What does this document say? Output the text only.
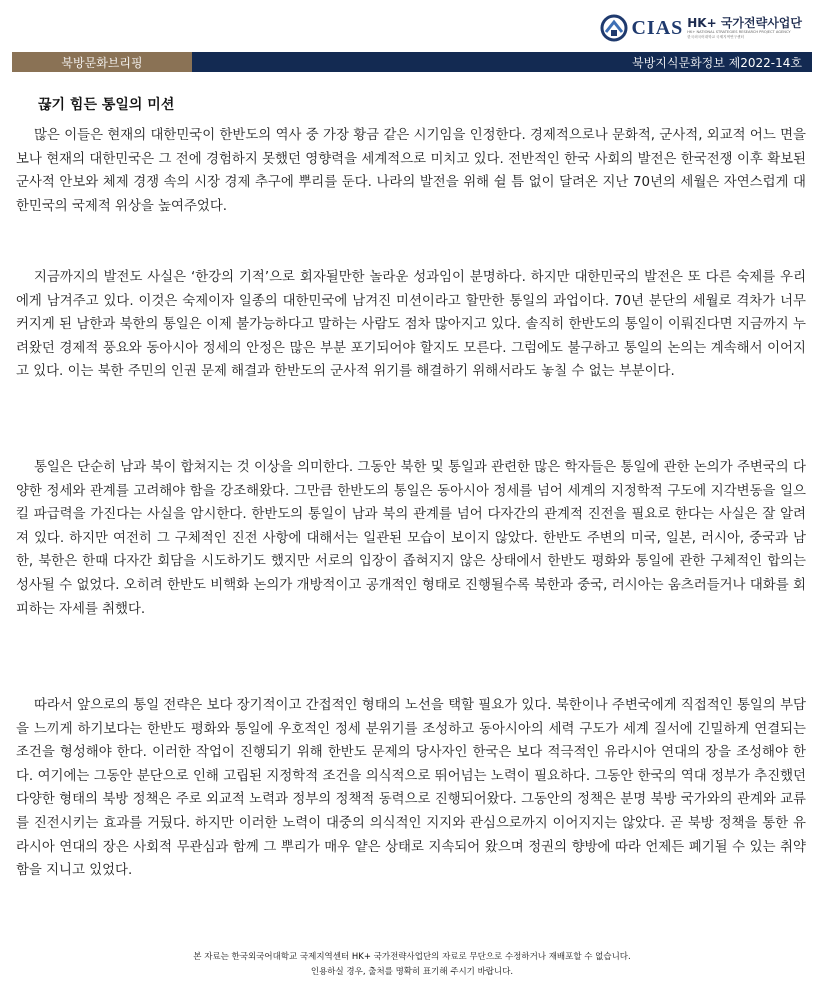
CIAS HK+ 국가전략사업단
HK+ NATIONAL STRATEGIES RESEARCH PROJECT AGENCY
한국외국어대학교 국제지역연구센터
북방문화브리핑	북방지식문화정보 제2022-14호
끊기 힘든 통일의 미션

많은 이들은 현재의 대한민국이 한반도의 역사 중 가장 황금 같은 시기임을 인정한다. 경제적으로나 문화적, 군사적, 외교적 어느 면을 보나 현재의 대한민국은 그 전에 경험하지 못했던 영향력을 세계적으로 미치고 있다. 전반적인 한국 사회의 발전은 한국전쟁 이후 확보된 군사적 안보와 체제 경쟁 속의 시장 경제 추구에 뿌리를 둔다. 나라의 발전을 위해 쉴 틈 없이 달려온 지난 70년의 세월은 자연스럽게 대한민국의 국제적 위상을 높여주었다.

지금까지의 발전도 사실은 ‘한강의 기적’으로 회자될만한 놀라운 성과임이 분명하다. 하지만 대한민국의 발전은 또 다른 숙제를 우리에게 남겨주고 있다. 이것은 숙제이자 일종의 대한민국에 남겨진 미션이라고 할만한 통일의 과업이다. 70년 분단의 세월로 격차가 너무 커지게 된 남한과 북한의 통일은 이제 불가능하다고 말하는 사람도 점차 많아지고 있다. 솔직히 한반도의 통일이 이뤄진다면 지금까지 누려왔던 경제적 풍요와 동아시아 정세의 안정은 많은 부분 포기되어야 할지도 모른다. 그럼에도 불구하고 통일의 논의는 계속해서 이어지고 있다. 이는 북한 주민의 인권 문제 해결과 한반도의 군사적 위기를 해결하기 위해서라도 놓칠 수 없는 부분이다.

통일은 단순히 남과 북이 합쳐지는 것 이상을 의미한다. 그동안 북한 및 통일과 관련한 많은 학자들은 통일에 관한 논의가 주변국의 다양한 정세와 관계를 고려해야 함을 강조해왔다. 그만큼 한반도의 통일은 동아시아 정세를 넘어 세계의 지정학적 구도에 지각변동을 일으킬 파급력을 가진다는 사실을 암시한다. 한반도의 통일이 남과 북의 관계를 넘어 다자간의 관계적 진전을 필요로 한다는 사실은 잘 알려져 있다. 하지만 여전히 그 구체적인 진전 사항에 대해서는 일관된 모습이 보이지 않았다. 한반도 주변의 미국, 일본, 러시아, 중국과 남한, 북한은 한때 다자간 회담을 시도하기도 했지만 서로의 입장이 좁혀지지 않은 상태에서 한반도 평화와 통일에 관한 구체적인 합의는 성사될 수 없었다. 오히려 한반도 비핵화 논의가 개방적이고 공개적인 형태로 진행될수록 북한과 중국, 러시아는 움츠러들거나 대화를 회피하는 자세를 취했다.

따라서 앞으로의 통일 전략은 보다 장기적이고 간접적인 형태의 노선을 택할 필요가 있다. 북한이나 주변국에게 직접적인 통일의 부담을 느끼게 하기보다는 한반도 평화와 통일에 우호적인 정세 분위기를 조성하고 동아시아의 세력 구도가 세계 질서에 긴밀하게 연결되는 조건을 형성해야 한다. 이러한 작업이 진행되기 위해 한반도 문제의 당사자인 한국은 보다 적극적인 유라시아 연대의 장을 조성해야 한다. 여기에는 그동안 분단으로 인해 고립된 지정학적 조건을 의식적으로 뛰어넘는 노력이 필요하다. 그동안 한국의 역대 정부가 추진했던 다양한 형태의 북방 정책은 주로 외교적 노력과 정부의 정책적 동력으로 진행되어왔다. 그동안의 정책은 분명 북방 국가와의 관계와 교류를 진전시키는 효과를 거뒀다. 하지만 이러한 노력이 대중의 의식적인 지지와 관심으로까지 이어지지는 않았다. 곧 북방 정책을 통한 유라시아 연대의 장은 사회적 무관심과 함께 그 뿌리가 매우 얕은 상태로 지속되어 왔으며 정권의 향방에 따라 언제든 폐기될 수 있는 취약함을 지니고 있었다.

본 자료는 한국외국어대학교 국제지역센터 HK+ 국가전략사업단의 자료로 무단으로 수정하거나 재배포할 수 없습니다.
인용하실 경우, 출처를 명확히 표기해 주시기 바랍니다.
